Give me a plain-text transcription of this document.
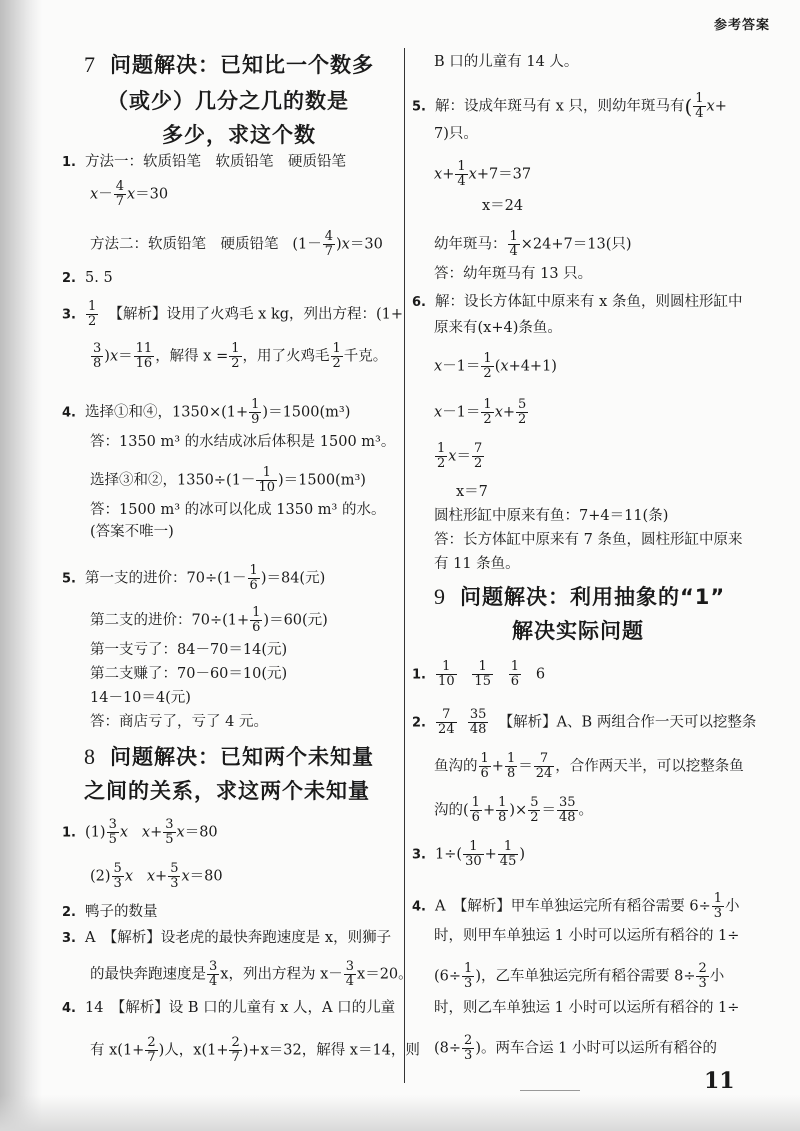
参考答案
7 问题解决：已知比一个数多
（或少）几分之几的数是
多少，求这个数
1.  方法一：软质铅笔　软质铅笔　硬质铅笔
$x- \frac{4}{7} x=30$
方法二：软质铅笔　硬质铅笔   $(1- \frac{4}{7} )x=30$
2.  5. 5
3. $\frac{1}{2}$ 【解析】设用了火鸡毛 x kg，列出方程：(1+
$\frac{3}{8} )x= \frac{11}{16}$ ，解得 $x = \frac{1}{2}$ ，用了火鸡毛 $\frac{1}{2}$ 千克。
4.  选择①和④，$1350\times(1+ \frac{1}{9} )=1500(m^3)$
答：1350 m³ 的水结成冰后体积是 1500 m³。
选择③和②，$1350\div(1- \frac{1}{10} )=1500(m^3)$
答：1500 m³ 的冰可以化成 1350 m³ 的水。
(答案不唯一)
5.  第一支的进价：$70\div(1- \frac{1}{6} )=84$(元)
第二支的进价：$70\div(1+ \frac{1}{6} )=60$(元)
第一支亏了：84－70＝14(元)
第二支赚了：70－60＝10(元)
14－10＝4(元)
答：商店亏了，亏了 4 元。
8 问题解决：已知两个未知量
之间的关系，求这两个未知量
1.  $(1) \frac{3}{5}$ x $x+ \frac{3}{5} x=80$
$(2) \frac{5}{3}$ x $x+ \frac{5}{3} x=80$
2.  鸭子的数量
3.  A　【解析】设老虎的最快奔跑速度是 x，则狮子
的最快奔跑速度是 $\frac{3}{4}$ x，列出方程为 $x- \frac{3}{4} x=20$。
4.  14　【解析】设 B 口的儿童有 x 人，A 口的儿童
有 $x(1+ \frac{2}{7}$ )人，$x(1+ \frac{2}{7} )+x=32$，解得 x＝14，则
B 口的儿童有 14 人。
5.  解：设成年斑马有 x 只，则幼年斑马有( $\frac{1}{4} x+$
7)只。
$x+ \frac{1}{4} x+7=37$
x＝24
幼年斑马： $\frac{1}{4} \times 24+7=13$(只)
答：幼年斑马有 13 只。
6.  解：设长方体缸中原来有 x 条鱼，则圆柱形缸中
原来有(x+4)条鱼。
$x-1= \frac{1}{2} (x+4+1)$
$x-1= \frac{1}{2} x+ \frac{5}{2}$
$\frac{1}{2} x= \frac{7}{2}$
x＝7
圆柱形缸中原来有鱼：7+4＝11(条)
答：长方体缸中原来有 7 条鱼，圆柱形缸中原来
有 11 条鱼。
9 问题解决：利用抽象的“1”
解决实际问题
1. $\frac{1}{10}$
$\frac{1}{15}$
$\frac{1}{6} 6$
2. $\frac{7}{24}$
$\frac{35}{48}$ 【解析】A、B 两组合作一天可以挖整条
鱼沟的 $\frac{1}{6} + \frac{1}{8} = \frac{7}{24}$ ，合作两天半，可以挖整条鱼
沟的( $\frac{1}{6} + \frac{1}{8}$ )× $\frac{5}{2} = \frac{35}{48}$ 。
3.  $1\div( \frac{1}{30} + \frac{1}{45}$ )
4.  A　【解析】甲车单独运完所有稻谷需要 $6\div \frac{1}{3}$ 小
时，则甲车单独运 1 小时可以运所有稻谷的 1÷
($6\div \frac{1}{3}$ )，乙车单独运完所有稻谷需要 $8\div \frac{2}{3}$ 小
时，则乙车单独运 1 小时可以运所有稻谷的 1÷
($8\div \frac{2}{3}$ )。两车合运 1 小时可以运所有稻谷的
11
